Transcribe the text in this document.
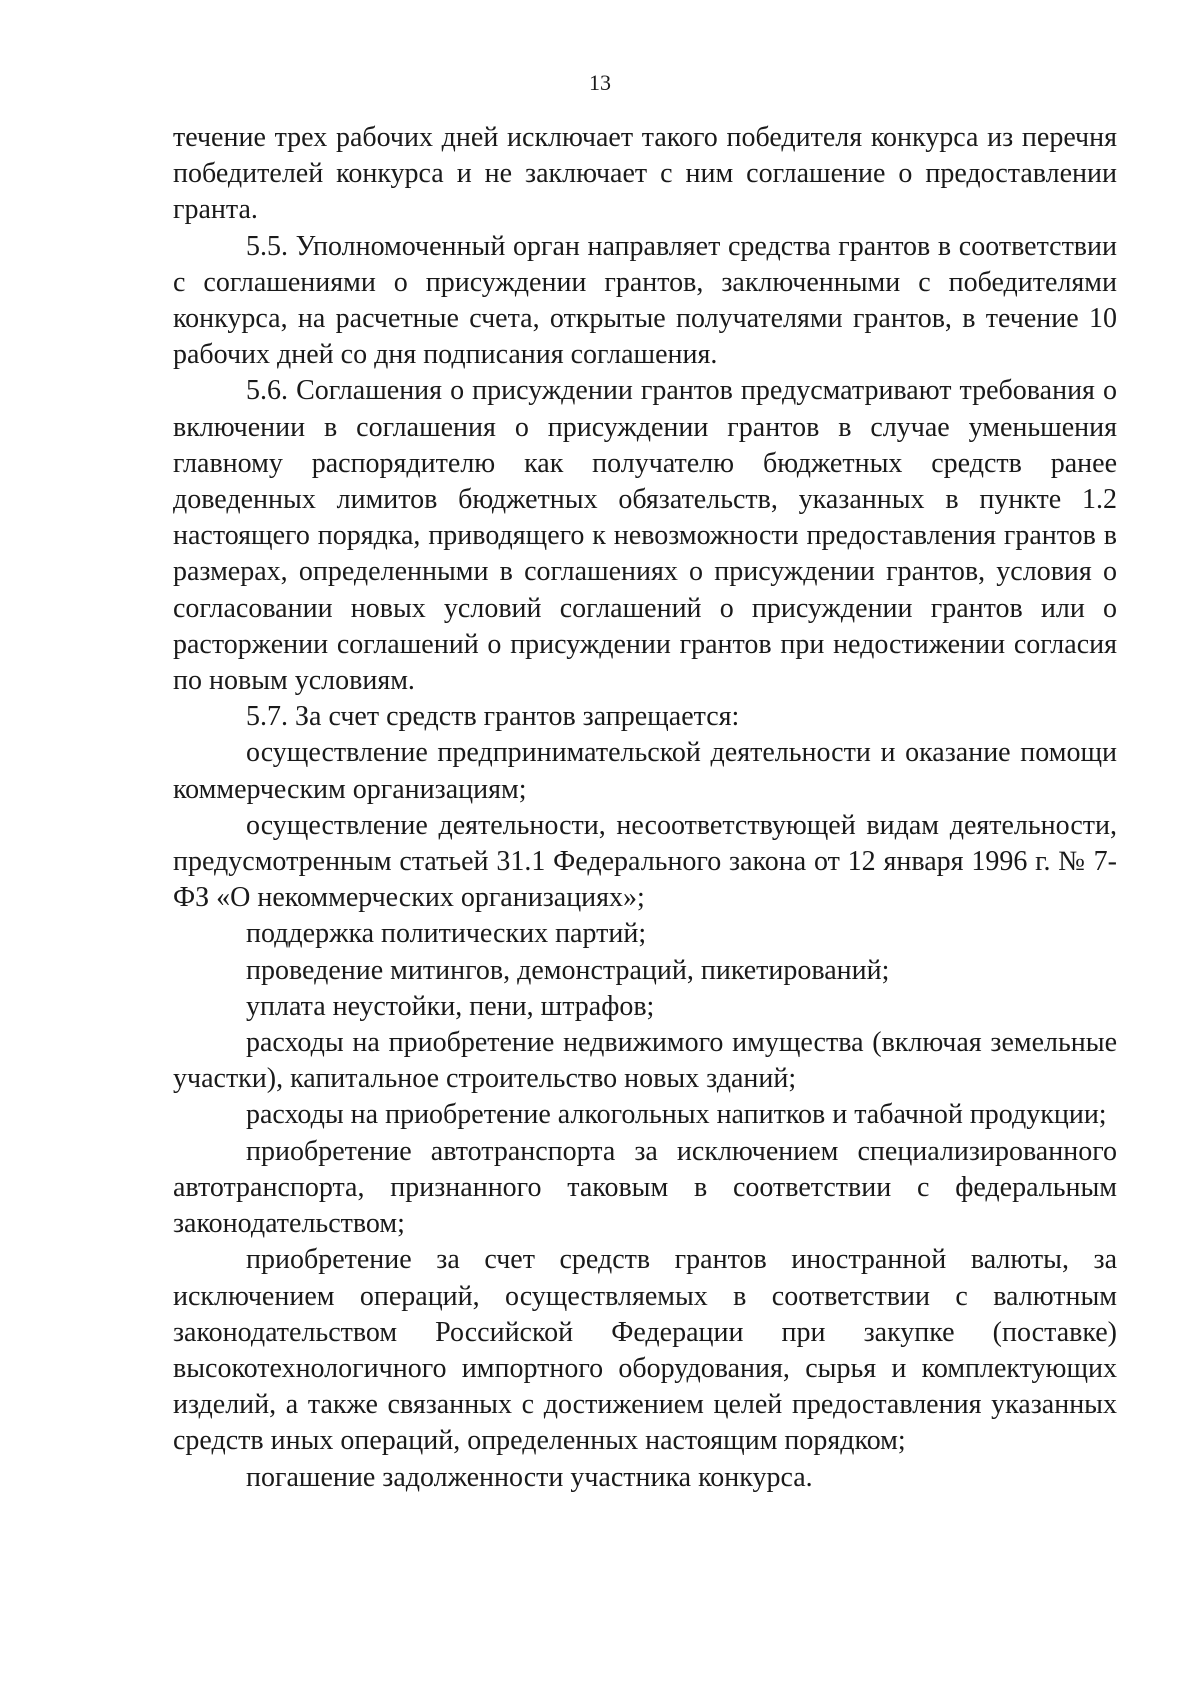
13

течение трех рабочих дней исключает такого победителя конкурса из перечня победителей конкурса и не заключает с ним соглашение о предоставлении гранта.

5.5. Уполномоченный орган направляет средства грантов в соответствии с соглашениями о присуждении грантов, заключенными с победителями конкурса, на расчетные счета, открытые получателями грантов, в течение 10 рабочих дней со дня подписания соглашения.

5.6. Соглашения о присуждении грантов предусматривают требования о включении в соглашения о присуждении грантов в случае уменьшения главному распорядителю как получателю бюджетных средств ранее доведенных лимитов бюджетных обязательств, указанных в пункте 1.2 настоящего порядка, приводящего к невозможности предоставления грантов в размерах, определенными в соглашениях о присуждении грантов, условия о согласовании новых условий соглашений о присуждении грантов или о расторжении соглашений о присуждении грантов при недостижении согласия по новым условиям.

5.7. За счет средств грантов запрещается:

осуществление предпринимательской деятельности и оказание помощи коммерческим организациям;

осуществление деятельности, несоответствующей видам деятельности, предусмотренным статьей 31.1 Федерального закона от 12 января 1996 г. № 7-ФЗ «О некоммерческих организациях»;

поддержка политических партий;

проведение митингов, демонстраций, пикетирований;

уплата неустойки, пени, штрафов;

расходы на приобретение недвижимого имущества (включая земельные участки), капитальное строительство новых зданий;

расходы на приобретение алкогольных напитков и табачной продукции;

приобретение автотранспорта за исключением специализированного автотранспорта, признанного таковым в соответствии с федеральным законодательством;

приобретение за счет средств грантов иностранной валюты, за исключением операций, осуществляемых в соответствии с валютным законодательством Российской Федерации при закупке (поставке) высокотехнологичного импортного оборудования, сырья и комплектующих изделий, а также связанных с достижением целей предоставления указанных средств иных операций, определенных настоящим порядком;

погашение задолженности участника конкурса.
